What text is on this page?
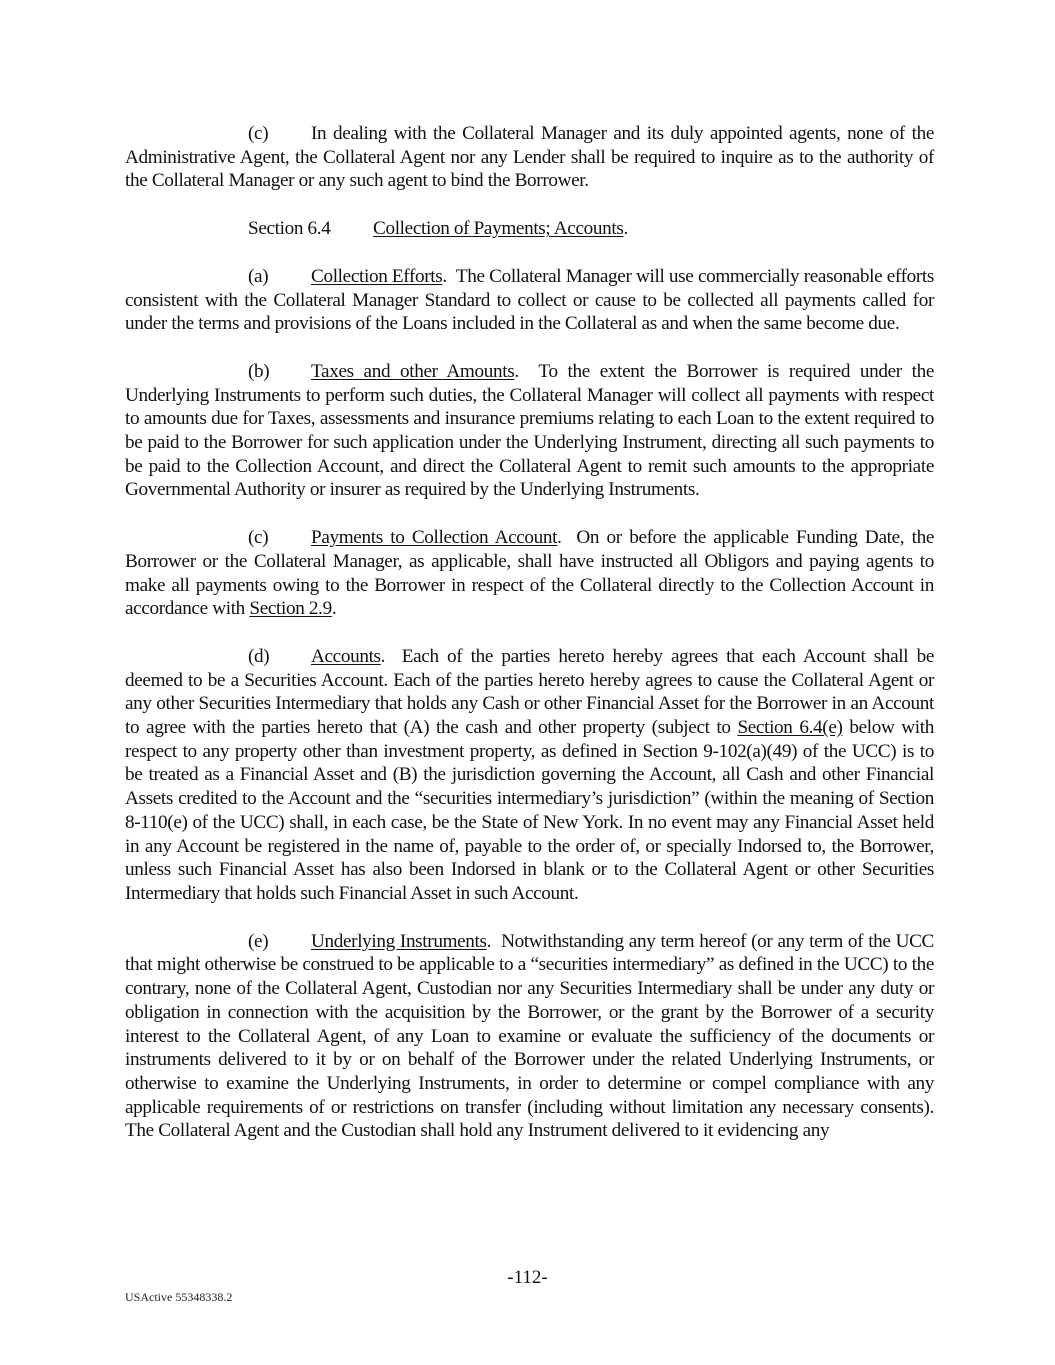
(c) In dealing with the Collateral Manager and its duly appointed agents, none of the Administrative Agent, the Collateral Agent nor any Lender shall be required to inquire as to the authority of the Collateral Manager or any such agent to bind the Borrower.

Section 6.4 Collection of Payments; Accounts.

(a) Collection Efforts.  The Collateral Manager will use commercially reasonable efforts consistent with the Collateral Manager Standard to collect or cause to be collected all payments called for under the terms and provisions of the Loans included in the Collateral as and when the same become due.

(b) Taxes and other Amounts.  To the extent the Borrower is required under the Underlying Instruments to perform such duties, the Collateral Manager will collect all payments with respect to amounts due for Taxes, assessments and insurance premiums relating to each Loan to the extent required to be paid to the Borrower for such application under the Underlying Instrument, directing all such payments to be paid to the Collection Account, and direct the Collateral Agent to remit such amounts to the appropriate Governmental Authority or insurer as required by the Underlying Instruments.

(c) Payments to Collection Account.  On or before the applicable Funding Date, the Borrower or the Collateral Manager, as applicable, shall have instructed all Obligors and paying agents to make all payments owing to the Borrower in respect of the Collateral directly to the Collection Account in accordance with Section 2.9.

(d) Accounts.  Each of the parties hereto hereby agrees that each Account shall be deemed to be a Securities Account. Each of the parties hereto hereby agrees to cause the Collateral Agent or any other Securities Intermediary that holds any Cash or other Financial Asset for the Borrower in an Account to agree with the parties hereto that (A) the cash and other property (subject to Section 6.4(e) below with respect to any property other than investment property, as defined in Section 9-102(a)(49) of the UCC) is to be treated as a Financial Asset and (B) the jurisdiction governing the Account, all Cash and other Financial Assets credited to the Account and the “securities intermediary’s jurisdiction” (within the meaning of Section 8-110(e) of the UCC) shall, in each case, be the State of New York. In no event may any Financial Asset held in any Account be registered in the name of, payable to the order of, or specially Indorsed to, the Borrower, unless such Financial Asset has also been Indorsed in blank or to the Collateral Agent or other Securities Intermediary that holds such Financial Asset in such Account.

(e) Underlying Instruments.  Notwithstanding any term hereof (or any term of the UCC that might otherwise be construed to be applicable to a “securities intermediary” as defined in the UCC) to the contrary, none of the Collateral Agent, Custodian nor any Securities Intermediary shall be under any duty or obligation in connection with the acquisition by the Borrower, or the grant by the Borrower of a security interest to the Collateral Agent, of any Loan to examine or evaluate the sufficiency of the documents or instruments delivered to it by or on behalf of the Borrower under the related Underlying Instruments, or otherwise to examine the Underlying Instruments, in order to determine or compel compliance with any applicable requirements of or restrictions on transfer (including without limitation any necessary consents). The Collateral Agent and the Custodian shall hold any Instrument delivered to it evidencing any

-112-
USActive 55348338.2
